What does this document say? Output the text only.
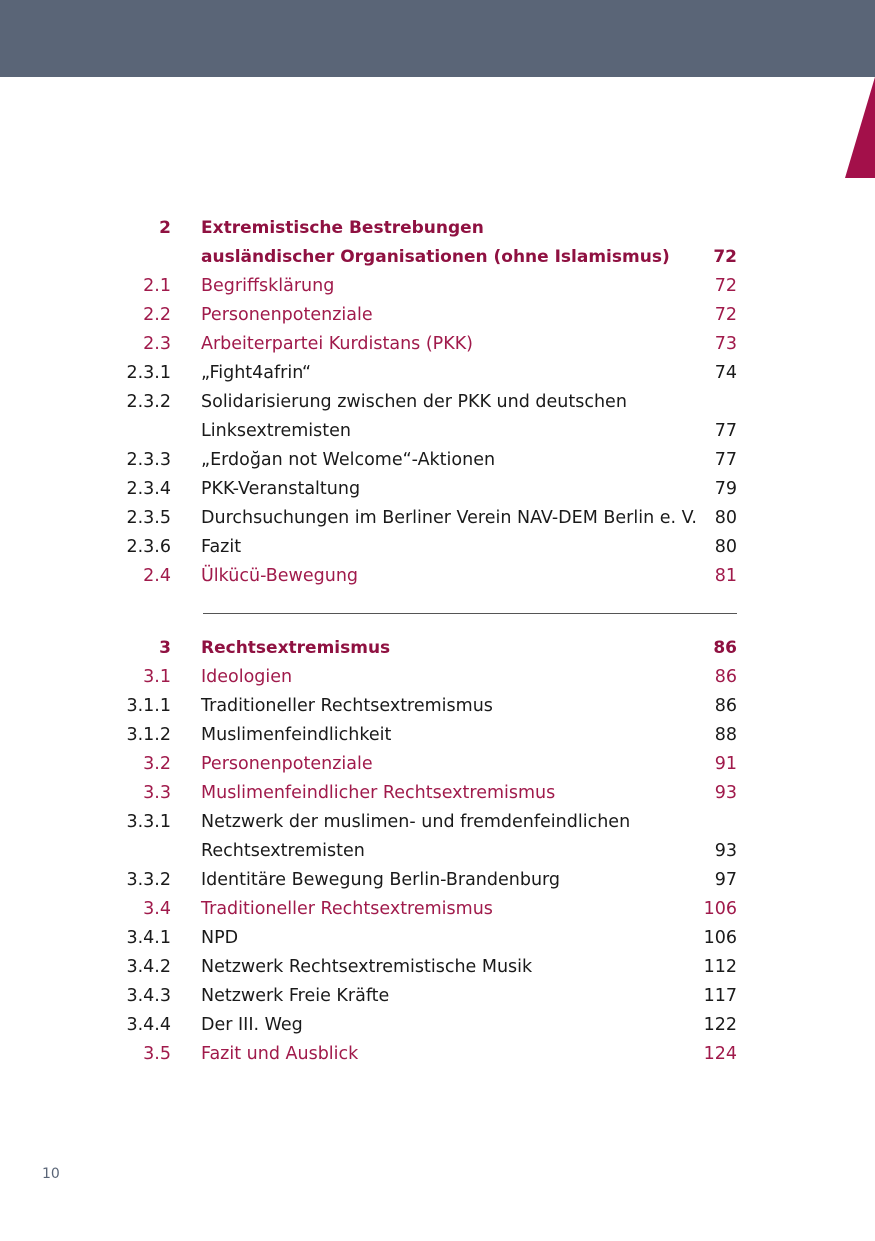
2 Extremistische Bestrebungen
ausländischer Organisationen (ohne Islamismus)	72
2.1 Begriffsklärung	72
2.2 Personenpotenziale	72
2.3 Arbeiterpartei Kurdistans (PKK)	73
2.3.1 „Fight4afrin“	74
2.3.2 Solidarisierung zwischen der PKK und deutschen
Linksextremisten	77
2.3.3 „Erdoğan not Welcome“-Aktionen	77
2.3.4 PKK-Veranstaltung	79
2.3.5 Durchsuchungen im Berliner Verein NAV-DEM Berlin e. V. 80
2.3.6 Fazit	80
2.4 Ülkücü-Bewegung	81
3 Rechtsextremismus	86
3.1 Ideologien	86
3.1.1 Traditioneller Rechtsextremismus	86
3.1.2 Muslimenfeindlichkeit	88
3.2 Personenpotenziale	91
3.3 Muslimenfeindlicher Rechtsextremismus	93
3.3.1 Netzwerk der muslimen- und fremdenfeindlichen
Rechtsextremisten	93
3.3.2 Identitäre Bewegung Berlin-Brandenburg	97
3.4 Traditioneller Rechtsextremismus	106
3.4.1 NPD	106
3.4.2 Netzwerk Rechtsextremistische Musik	112
3.4.3 Netzwerk Freie Kräfte	117
3.4.4 Der III. Weg	122
3.5 Fazit und Ausblick	124
10
